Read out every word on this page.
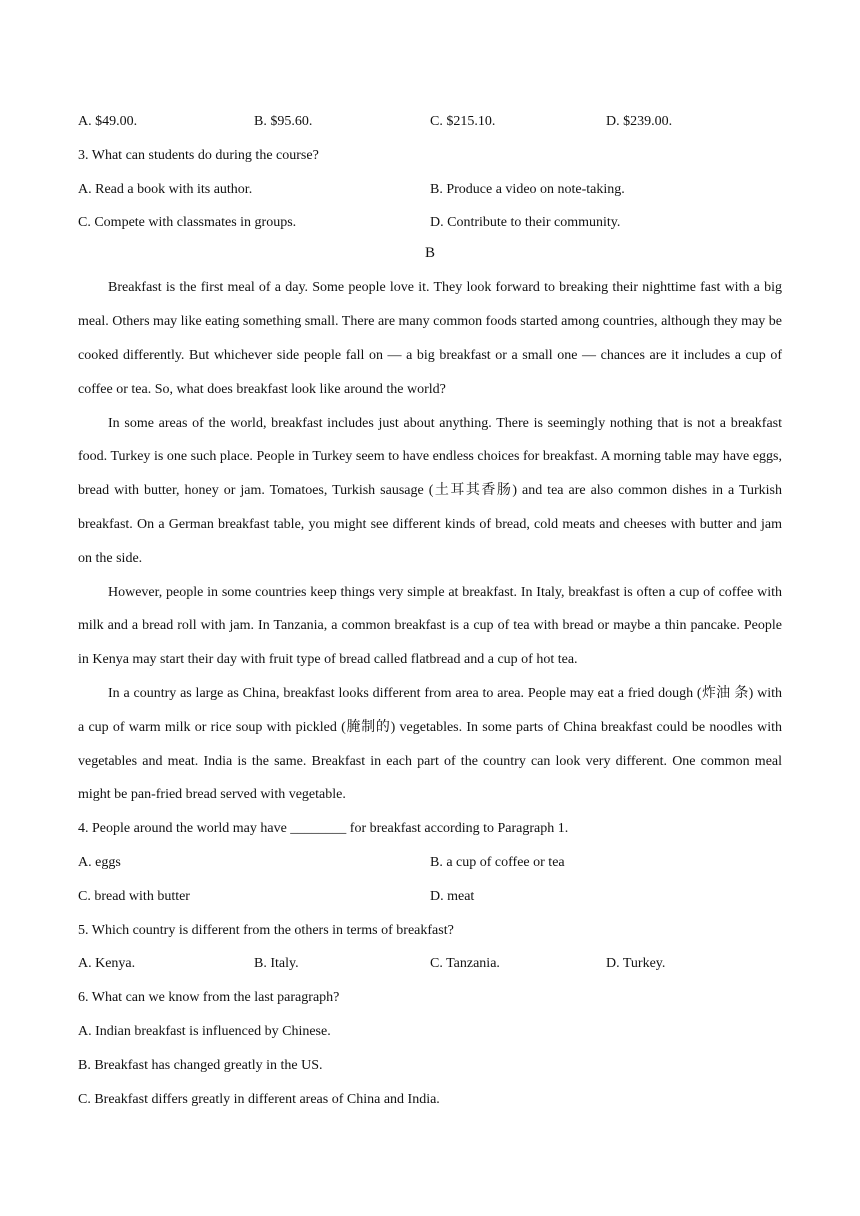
A. $49.00.	B. $95.60.	C. $215.10.	D. $239.00.
3. What can students do during the course?
A. Read a book with its author.	B. Produce a video on note-taking.
C. Compete with classmates in groups.	D. Contribute to their community.
B

Breakfast is the first meal of a day. Some people love it. They look forward to breaking their nighttime fast with a big meal. Others may like eating something small. There are many common foods started among countries, although they may be cooked differently. But whichever side people fall on — a big breakfast or a small one — chances are it includes a cup of coffee or tea. So, what does breakfast look like around the world?

In some areas of the world, breakfast includes just about anything. There is seemingly nothing that is not a breakfast food. Turkey is one such place. People in Turkey seem to have endless choices for breakfast. A morning table may have eggs, bread with butter, honey or jam. Tomatoes, Turkish sausage (土耳其香肠) and tea are also common dishes in a Turkish breakfast. On a German breakfast table, you might see different kinds of bread, cold meats and cheeses with butter and jam on the side.

However, people in some countries keep things very simple at breakfast. In Italy, breakfast is often a cup of coffee with milk and a bread roll with jam. In Tanzania, a common breakfast is a cup of tea with bread or maybe a thin pancake. People in Kenya may start their day with fruit type of bread called flatbread and a cup of hot tea.

In a country as large as China, breakfast looks different from area to area. People may eat a fried dough (炸油 条) with a cup of warm milk or rice soup with pickled (腌制的) vegetables. In some parts of China breakfast could be noodles with vegetables and meat. India is the same. Breakfast in each part of the country can look very different. One common meal might be pan-fried bread served with vegetable.

4. People around the world may have ________ for breakfast according to Paragraph 1.
A. eggs	B. a cup of coffee or tea
C. bread with butter	D. meat
5. Which country is different from the others in terms of breakfast?
A. Kenya.	B. Italy.	C. Tanzania.	D. Turkey.
6. What can we know from the last paragraph?
A. Indian breakfast is influenced by Chinese.
B. Breakfast has changed greatly in the US.
C. Breakfast differs greatly in different areas of China and India.
